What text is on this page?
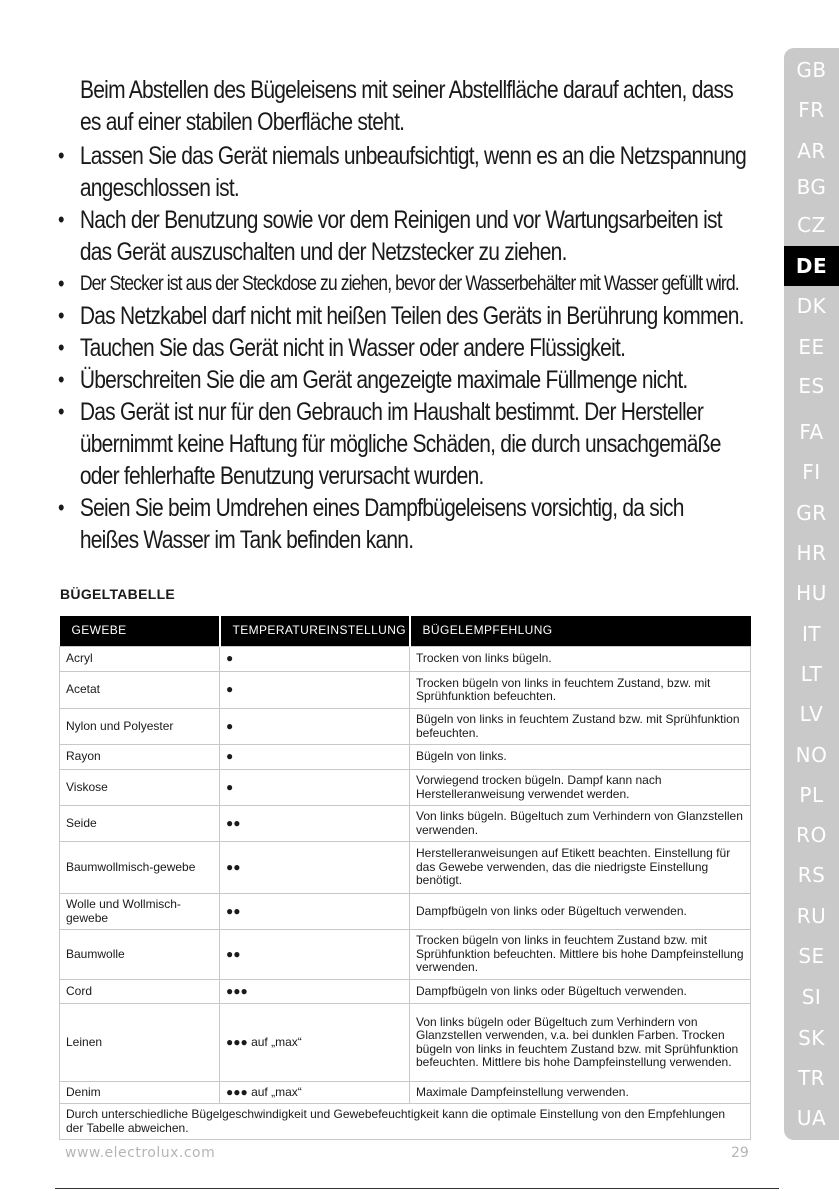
Beim Abstellen des Bügeleisens mit seiner Abstellfläche darauf achten, dass es auf einer stabilen Oberfläche steht.
• Lassen Sie das Gerät niemals unbeaufsichtigt, wenn es an die Netzspannung angeschlossen ist.
• Nach der Benutzung sowie vor dem Reinigen und vor Wartungsarbeiten ist das Gerät auszuschalten und der Netzstecker zu ziehen.
• Der Stecker ist aus der Steckdose zu ziehen, bevor der Wasserbehälter mit Wasser gefüllt wird.
• Das Netzkabel darf nicht mit heißen Teilen des Geräts in Berührung kommen.
• Tauchen Sie das Gerät nicht in Wasser oder andere Flüssigkeit.
• Überschreiten Sie die am Gerät angezeigte maximale Füllmenge nicht.
• Das Gerät ist nur für den Gebrauch im Haushalt bestimmt. Der Hersteller übernimmt keine Haftung für mögliche Schäden, die durch unsachgemäße oder fehlerhafte Benutzung verursacht wurden.
• Seien Sie beim Umdrehen eines Dampfbügeleisens vorsichtig, da sich heißes Wasser im Tank befinden kann.
BÜGELTABELLE
GEWEBE	TEMPERATUREINSTELLUNG	BÜGELEMPFEHLUNG
Acryl	●	Trocken von links bügeln.
Acetat	●	Trocken bügeln von links in feuchtem Zustand, bzw. mit Sprühfunktion befeuchten.
Nylon und Polyester	●	Bügeln von links in feuchtem Zustand bzw. mit Sprühfunktion befeuchten.
Rayon	●	Bügeln von links.
Viskose	●	Vorwiegend trocken bügeln. Dampf kann nach Herstelleranweisung verwendet werden.
Seide	●●	Von links bügeln. Bügeltuch zum Verhindern von Glanzstellen verwenden.
Baumwollmisch-gewebe	●●	Herstelleranweisungen auf Etikett beachten. Einstellung für das Gewebe verwenden, das die niedrigste Einstellung benötigt.
Wolle und Wollmisch-gewebe	●●	Dampfbügeln von links oder Bügeltuch verwenden.
Baumwolle	●●	Trocken bügeln von links in feuchtem Zustand bzw. mit Sprühfunktion befeuchten. Mittlere bis hohe Dampfeinstellung verwenden.
Cord	●●●	Dampfbügeln von links oder Bügeltuch verwenden.
Leinen	●●● auf „max“	Von links bügeln oder Bügeltuch zum Verhindern von Glanzstellen verwenden, v.a. bei dunklen Farben. Trocken bügeln von links in feuchtem Zustand bzw. mit Sprühfunktion befeuchten. Mittlere bis hohe Dampfeinstellung verwenden.
Denim	●●● auf „max“	Maximale Dampfeinstellung verwenden.
Durch unterschiedliche Bügelgeschwindigkeit und Gewebefeuchtigkeit kann die optimale Einstellung von den Empfehlungen der Tabelle abweichen.		
GB
FR
AR
BG
CZ
DE
DK
EE
ES
FA
FI
GR
HR
HU
IT
LT
LV
NO
PL
RO
RS
RU
SE
SI
SK
TR
UA
www.electrolux.com	29
